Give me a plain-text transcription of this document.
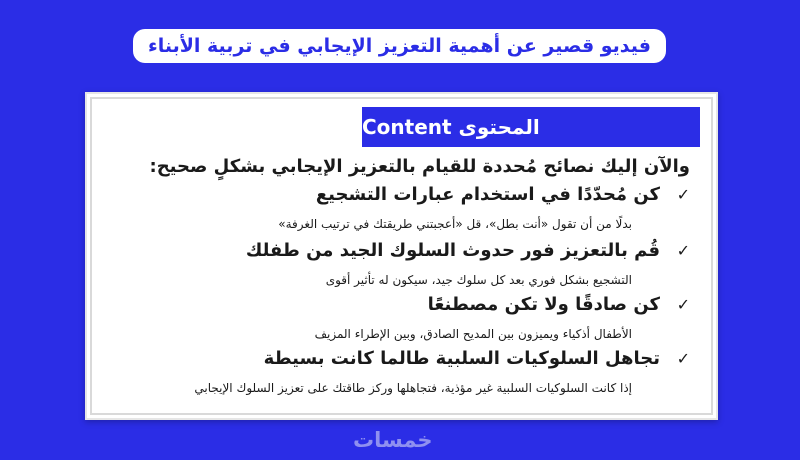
فيديو قصير عن أهمية التعزيز الإيجابي في تربية الأبناء
المحتوى Content
والآن إليك نصائح مُحددة للقيام بالتعزيز الإيجابي بشكلٍ صحيح:
✓
كن مُحدّدًا في استخدام عبارات التشجيع
بدلًا من أن تقول «أنت بطل»، قل «أعجبتني طريقتك في ترتيب الغرفة»
✓
قُم بالتعزيز فور حدوث السلوك الجيد من طفلك
التشجيع بشكل فوري بعد كل سلوك جيد، سيكون له تأثير أقوى
✓
كن صادقًا ولا تكن مصطنعًا
الأطفال أذكياء ويميزون بين المديح الصادق، وبين الإطراء المزيف
✓
تجاهل السلوكيات السلبية طالما كانت بسيطة
إذا كانت السلوكيات السلبية غير مؤذية، فتجاهلها وركز طاقتك على تعزيز السلوك الإيجابي
خمسات
